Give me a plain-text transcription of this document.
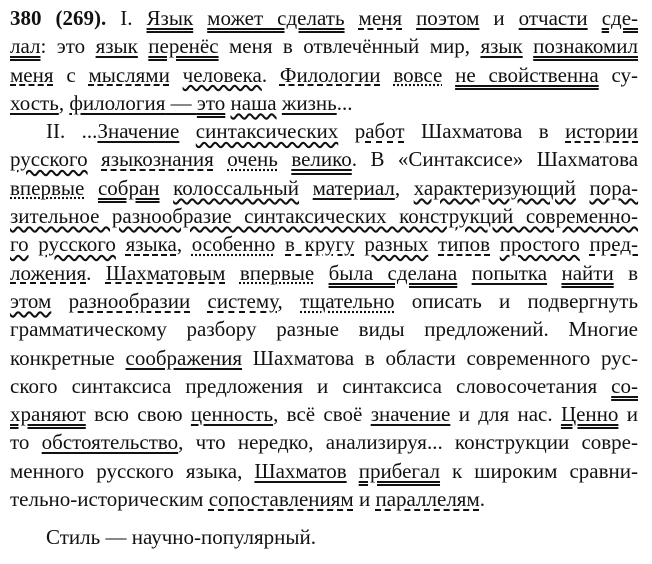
380 (269). I. Язык может сделать меня поэтом и отчасти сде-
лал: это язык перенёс меня в отвлечённый мир, язык познакомил
меня с мыслями человека. Филологии вовсе не свойственна су-
хость, филология — это наша жизнь...

II. ...Значение синтаксических работ Шахматова в истории
русского языкознания очень велико. В «Синтаксисе» Шахматова
впервые собран колоссальный материал, характеризующий пора-
зительное разнообразие синтаксических конструкций современно-
го русского языка, особенно в кругу разных типов простого пред-
ложения. Шахматовым впервые была сделана попытка найти в
этом разнообразии систему, тщательно описать и подвергнуть
грамматическому разбору разные виды предложений. Многие
конкретные соображения Шахматова в области современного рус-
ского синтаксиса предложения и синтаксиса словосочетания со-
храняют всю свою ценность, всё своё значение и для нас. Ценно и
то обстоятельство, что нередко, анализируя... конструкции совре-
менного русского языка, Шахматов прибегал к широким сравни-
тельно-историческим сопоставлениям и параллелям.

Стиль — научно-популярный.
